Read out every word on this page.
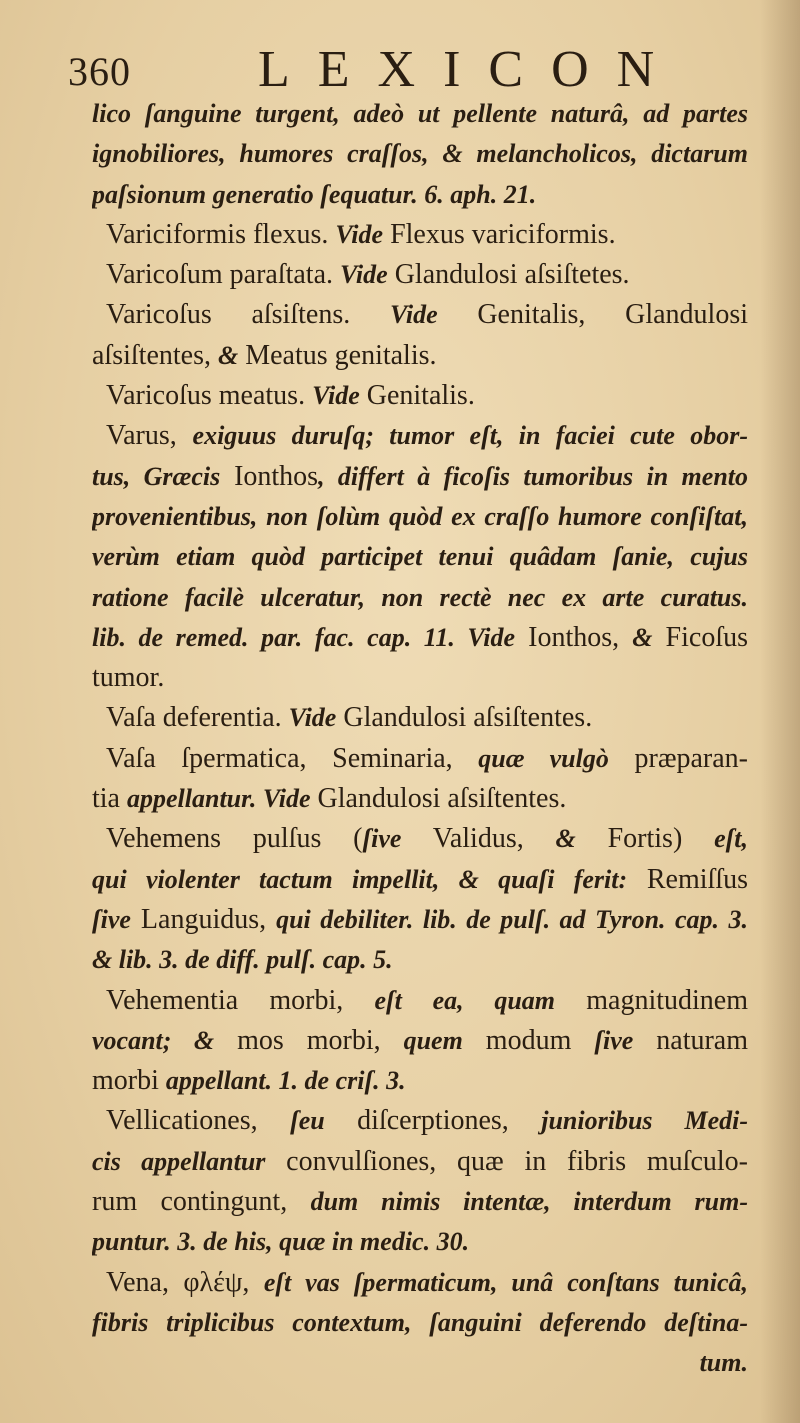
360 LEXICON
lico ſanguine turgent, adeò ut pellente naturâ, ad partes
ignobiliores, humores craſſos, & melancholicos, dictarum
paſsionum generatio ſequatur. 6. aph. 21.
Variciformis flexus. Vide Flexus variciformis.
Varicoſum paraſtata. Vide Glandulosi aſsiſtetes.
Varicoſus aſsiſtens. Vide Genitalis, Glandulosi
aſsiſtentes, & Meatus genitalis.
Varicoſus meatus. Vide Genitalis.
Varus, exiguus duruſq; tumor eſt, in faciei cute obor-
tus, Græcis Ionthos, differt à ficoſis tumoribus in mento
provenientibus, non ſolùm quòd ex craſſo humore conſiſtat,
verùm etiam quòd participet tenui quâdam ſanie, cujus
ratione facilè ulceratur, non rectè nec ex arte curatus.
lib. de remed. par. fac. cap. 11. Vide Ionthos, & Ficoſus
tumor.
Vaſa deferentia. Vide Glandulosi aſsiſtentes.
Vaſa ſpermatica, Seminaria, quæ vulgò præparan-
tia appellantur. Vide Glandulosi aſsiſtentes.
Vehemens pulſus (ſive Validus, & Fortis) eſt,
qui violenter tactum impellit, & quaſi ferit: Remiſſus
ſive Languidus, qui debiliter. lib. de pulſ. ad Tyron. cap. 3.
& lib. 3. de diff. pulſ. cap. 5.
Vehementia morbi, eſt ea, quam magnitudinem
vocant; & mos morbi, quem modum ſive naturam
morbi appellant. 1. de criſ. 3.
Vellicationes, ſeu diſcerptiones, junioribus Medi-
cis appellantur convulſiones, quæ in fibris muſculo-
rum contingunt, dum nimis intentæ, interdum rum-
puntur. 3. de his, quæ in medic. 30.
Vena, φλέψ, eſt vas ſpermaticum, unâ conſtans tunicâ,
fibris triplicibus contextum, ſanguini deferendo deſtina-
tum.
